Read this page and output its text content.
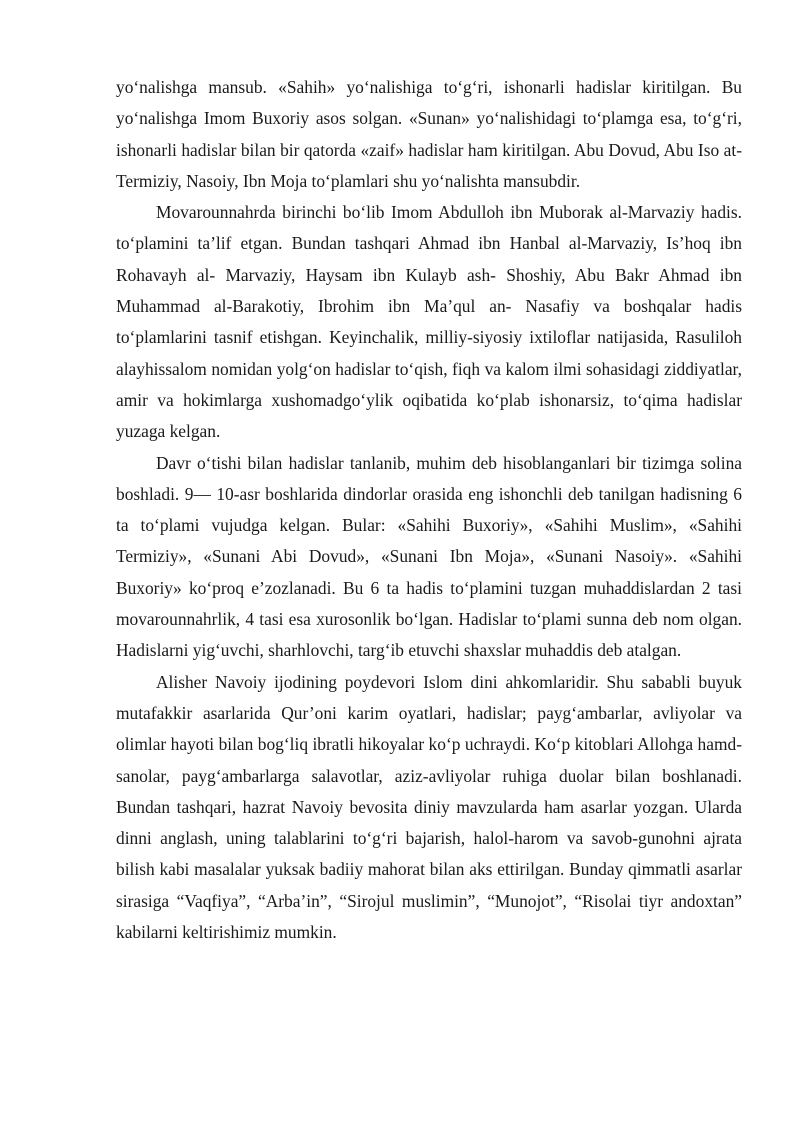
yo‘nalishga mansub. «Sahih» yo‘nalishiga to‘g‘ri, ishonarli hadislar kiritilgan. Bu yo‘nalishga Imom Buxoriy asos solgan. «Sunan» yo‘nalishidagi to‘plamga esa, to‘g‘ri, ishonarli hadislar bilan bir qatorda «zaif» hadislar ham kiritilgan. Abu Dovud, Abu Iso at-Termiziy, Nasoiy, Ibn Moja to‘plamlari shu yo‘nalishta mansubdir.

Movarounnahrda birinchi bo‘lib Imom Abdulloh ibn Muborak al-Marvaziy hadis. to‘plamini ta’lif etgan. Bundan tashqari Ahmad ibn Hanbal al-Marvaziy, Is’hoq ibn Rohavayh al- Marvaziy, Haysam ibn Kulayb ash- Shoshiy, Abu Bakr Ahmad ibn Muhammad al-Barakotiy, Ibrohim ibn Ma’qul an- Nasafiy va boshqalar hadis to‘plamlarini tasnif etishgan. Keyinchalik, milliy-siyosiy ixtiloflar natijasida, Rasuliloh alayhissalom nomidan yolg‘on hadislar to‘qish, fiqh va kalom ilmi sohasidagi ziddiyatlar, amir va hokimlarga xushomadgo‘ylik oqibatida ko‘plab ishonarsiz, to‘qima hadislar yuzaga kelgan.

Davr o‘tishi bilan hadislar tanlanib, muhim deb hisoblanganlari bir tizimga solina boshladi. 9— 10-asr boshlarida dindorlar orasida eng ishonchli deb tanilgan hadisning 6 ta to‘plami vujudga kelgan. Bular: «Sahihi Buxoriy», «Sahihi Muslim», «Sahihi Termiziy», «Sunani Abi Dovud», «Sunani Ibn Moja», «Sunani Nasoiy». «Sahihi Buxoriy» ko‘proq e’zozlanadi. Bu 6 ta hadis to‘plamini tuzgan muhaddislardan 2 tasi movarounnahrlik, 4 tasi esa xurosonlik bo‘lgan. Hadislar to‘plami sunna deb nom olgan. Hadislarni yig‘uvchi, sharhlovchi, targ‘ib etuvchi shaxslar muhaddis deb atalgan.

Alisher Navoiy ijodining poydevori Islom dini ahkomlaridir. Shu sababli buyuk mutafakkir asarlarida Qur’oni karim oyatlari, hadislar; payg‘ambarlar, avliyolar va olimlar hayoti bilan bog‘liq ibratli hikoyalar ko‘p uchraydi. Ko‘p kitoblari Allohga hamd-sanolar, payg‘ambarlarga salavotlar, aziz-avliyolar ruhiga duolar bilan boshlanadi. Bundan tashqari, hazrat Navoiy bevosita diniy mavzularda ham asarlar yozgan. Ularda dinni anglash, uning talablarini to‘g‘ri bajarish, halol-harom va savob-gunohni ajrata bilish kabi masalalar yuksak badiiy mahorat bilan aks ettirilgan. Bunday qimmatli asarlar sirasiga “Vaqfiya”, “Arba’in”, “Sirojul muslimin”, “Munojot”, “Risolai tiyr andoxtan” kabilarni keltirishimiz mumkin.
